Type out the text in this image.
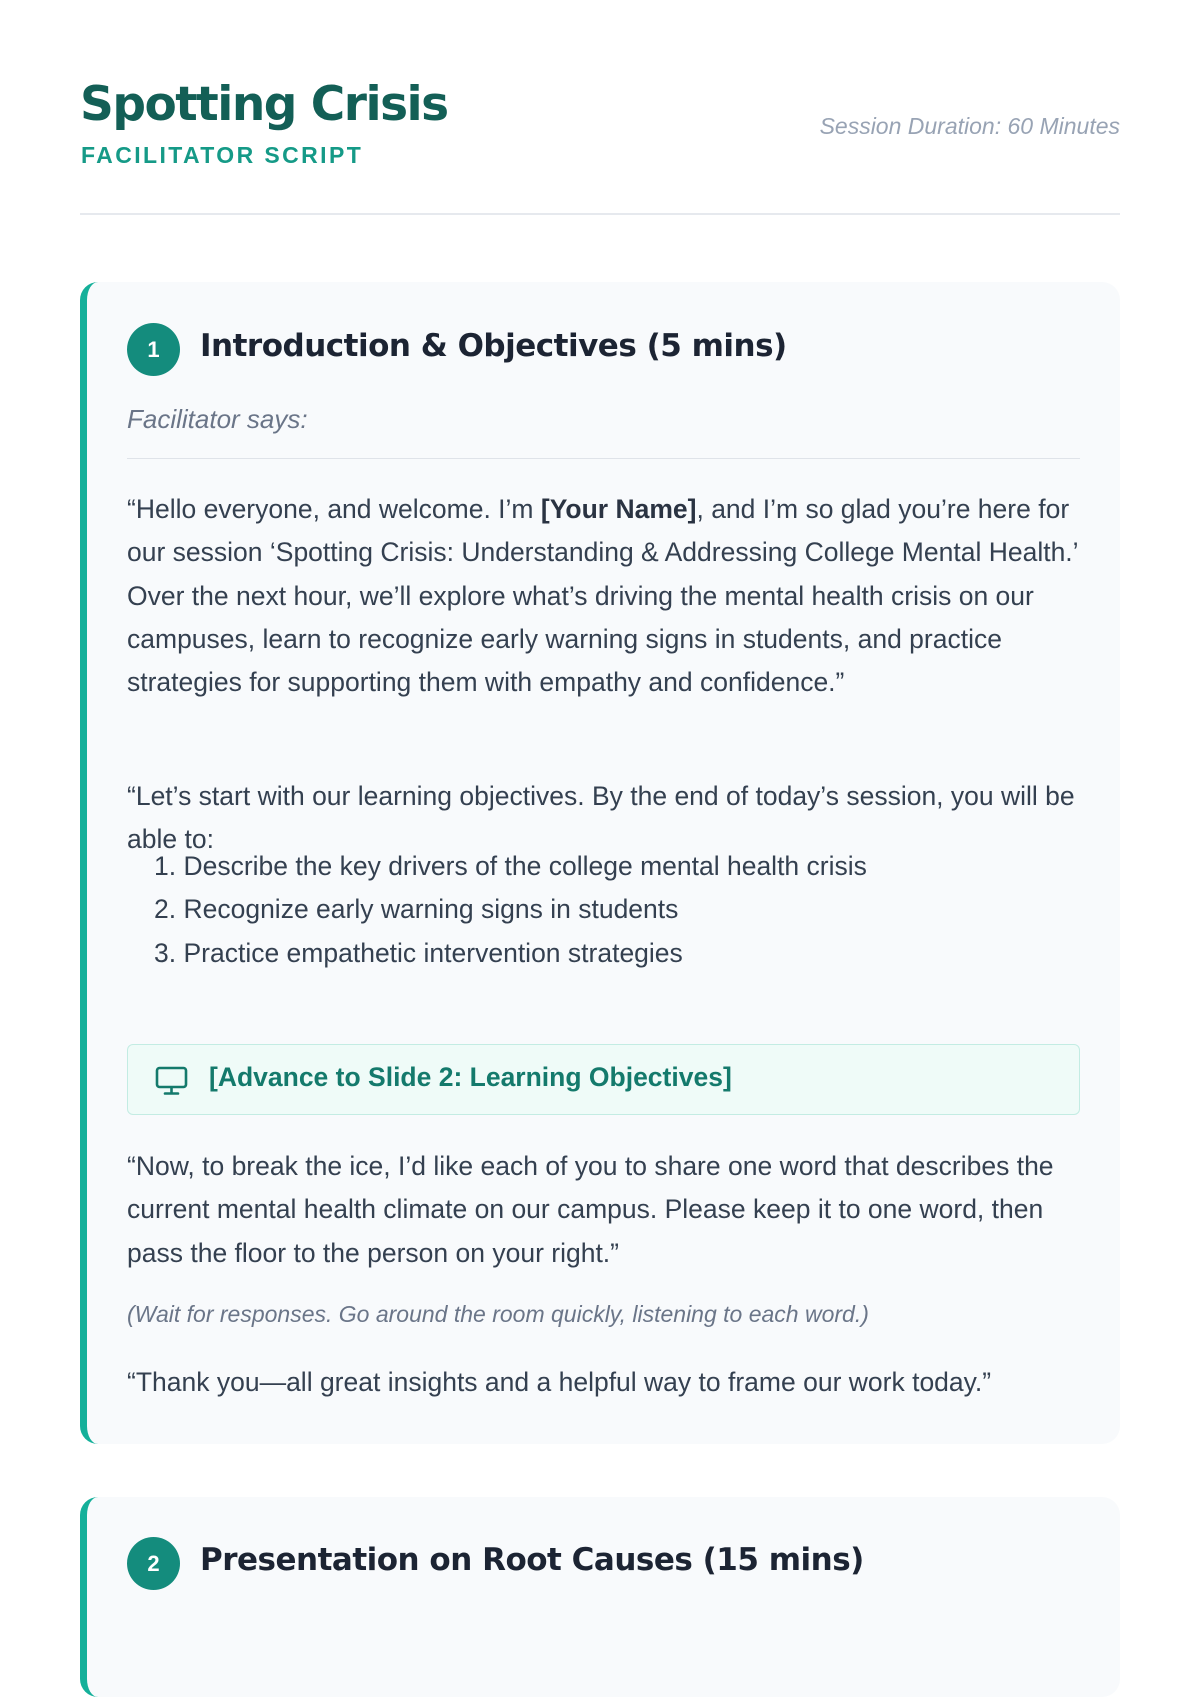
Spotting Crisis
FACILITATOR SCRIPT
Session Duration: 60 Minutes
1	Introduction & Objectives (5 mins)
Facilitator says:

“Hello everyone, and welcome. I’m [Your Name], and I’m so glad you’re here for our session ‘Spotting Crisis: Understanding & Addressing College Mental Health.’ Over the next hour, we’ll explore what’s driving the mental health crisis on our campuses, learn to recognize early warning signs in students, and practice strategies for supporting them with empathy and confidence.”

“Let’s start with our learning objectives. By the end of today’s session, you will be able to:

1. Describe the key drivers of the college mental health crisis
2. Recognize early warning signs in students
3. Practice empathetic intervention strategies
[Advance to Slide 2: Learning Objectives]

“Now, to break the ice, I’d like each of you to share one word that describes the current mental health climate on our campus. Please keep it to one word, then pass the floor to the person on your right.”

(Wait for responses. Go around the room quickly, listening to each word.)

“Thank you—all great insights and a helpful way to frame our work today.”

2	Presentation on Root Causes (15 mins)
